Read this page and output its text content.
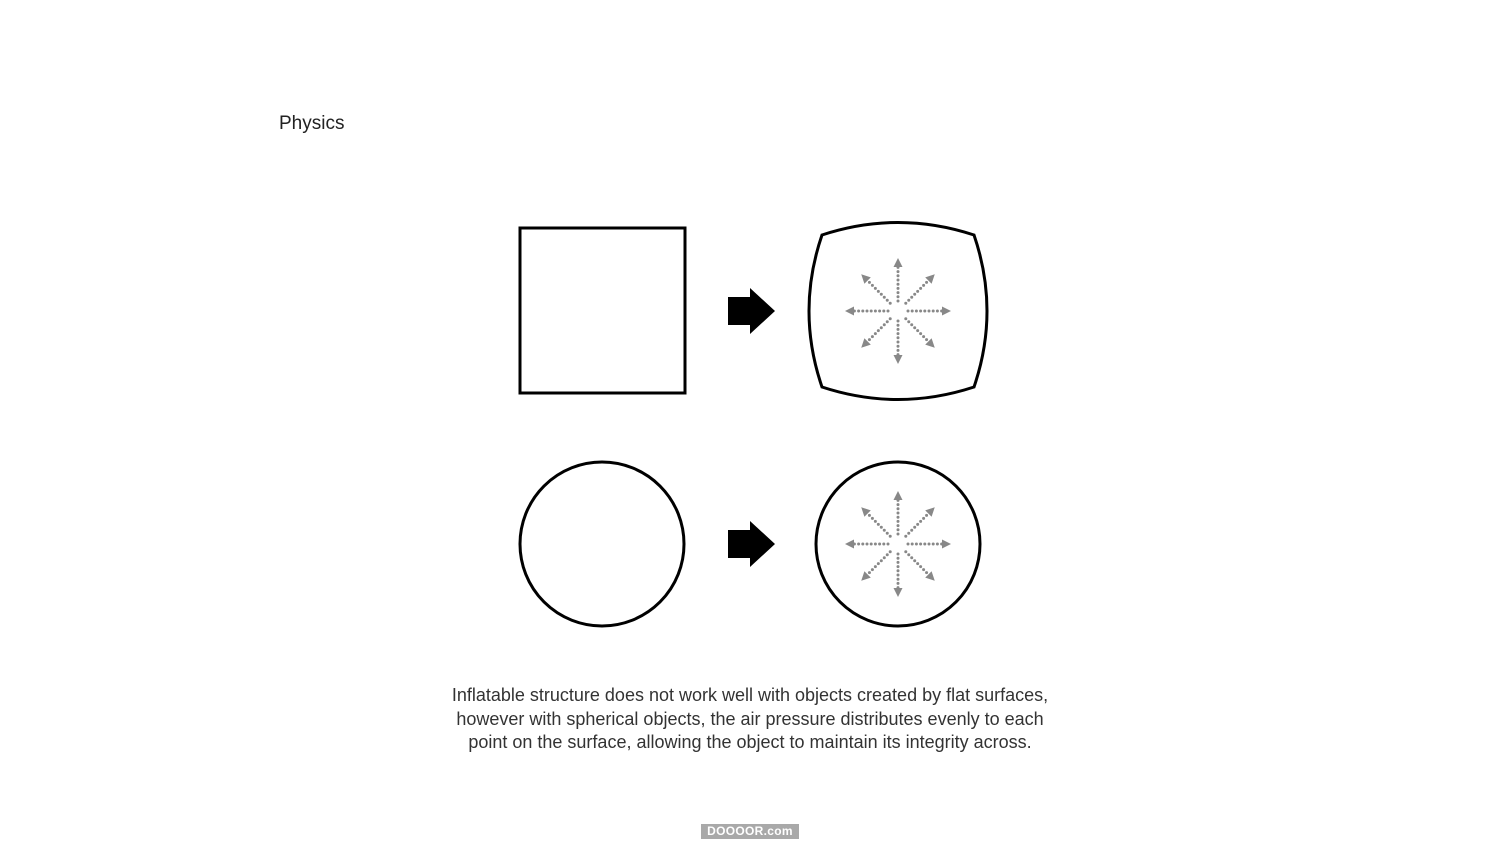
Physics
Inflatable structure does not work well with objects created by flat surfaces,
however with spherical objects, the air pressure distributes evenly to each
point on the surface, allowing the object to maintain its integrity across.
DOOOOR.com
